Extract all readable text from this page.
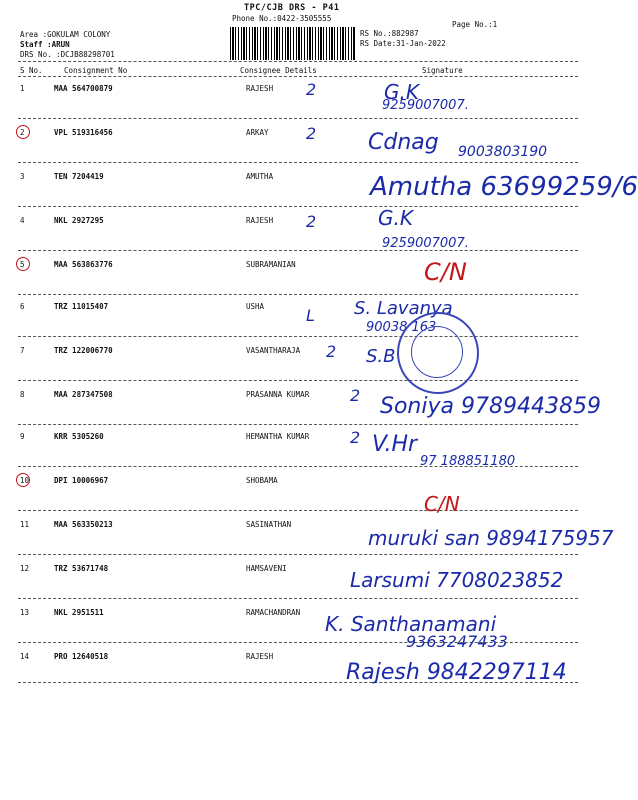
TPC/CJB DRS - P41
Phone No.:0422-3505555
Area :GOKULAM COLONY
Staff :ARUN
DRS No. :DCJB88298701
Page No.:1
RS No.:882987
RS Date:31-Jan-2022
S No.	Consignment No	Consignee Details	Signature
1	MAA 564700879	RAJESH 2	G.K
9259007007.
2	VPL 519316456	ARKAY 2 Cdnag 9003803190
3	TEN 7204419	AMUTHA	Amutha 63699259/6
4	NKL 2927295	RAJESH 2	G.K
9259007007.
5	MAA 563863776	SUBRAMANIAN	C/N
6	TRZ 11015407	USHA	L S. Lavanya
90038 163
7	TRZ 122006770	VASANTHARAJA 2 S.B
8	MAA 287347508	PRASANNA KUMAR	2 Soniya 9789443859
9	KRR 5305260	HEMANTHA KUMAR	2 V.Hr
97 188851180
10	DPI 10006967	SHOBAMA
C/N
11	MAA 563350213	SASINATHAN
muruki san 9894175957
12	TRZ 53671748	HAMSAVENI	Larsumi 7708023852
13	NKL 2951511	RAMACHANDRAN K. Santhanamani
9363247433
14	PRO 12640518	RAJESH
Rajesh 9842297114
